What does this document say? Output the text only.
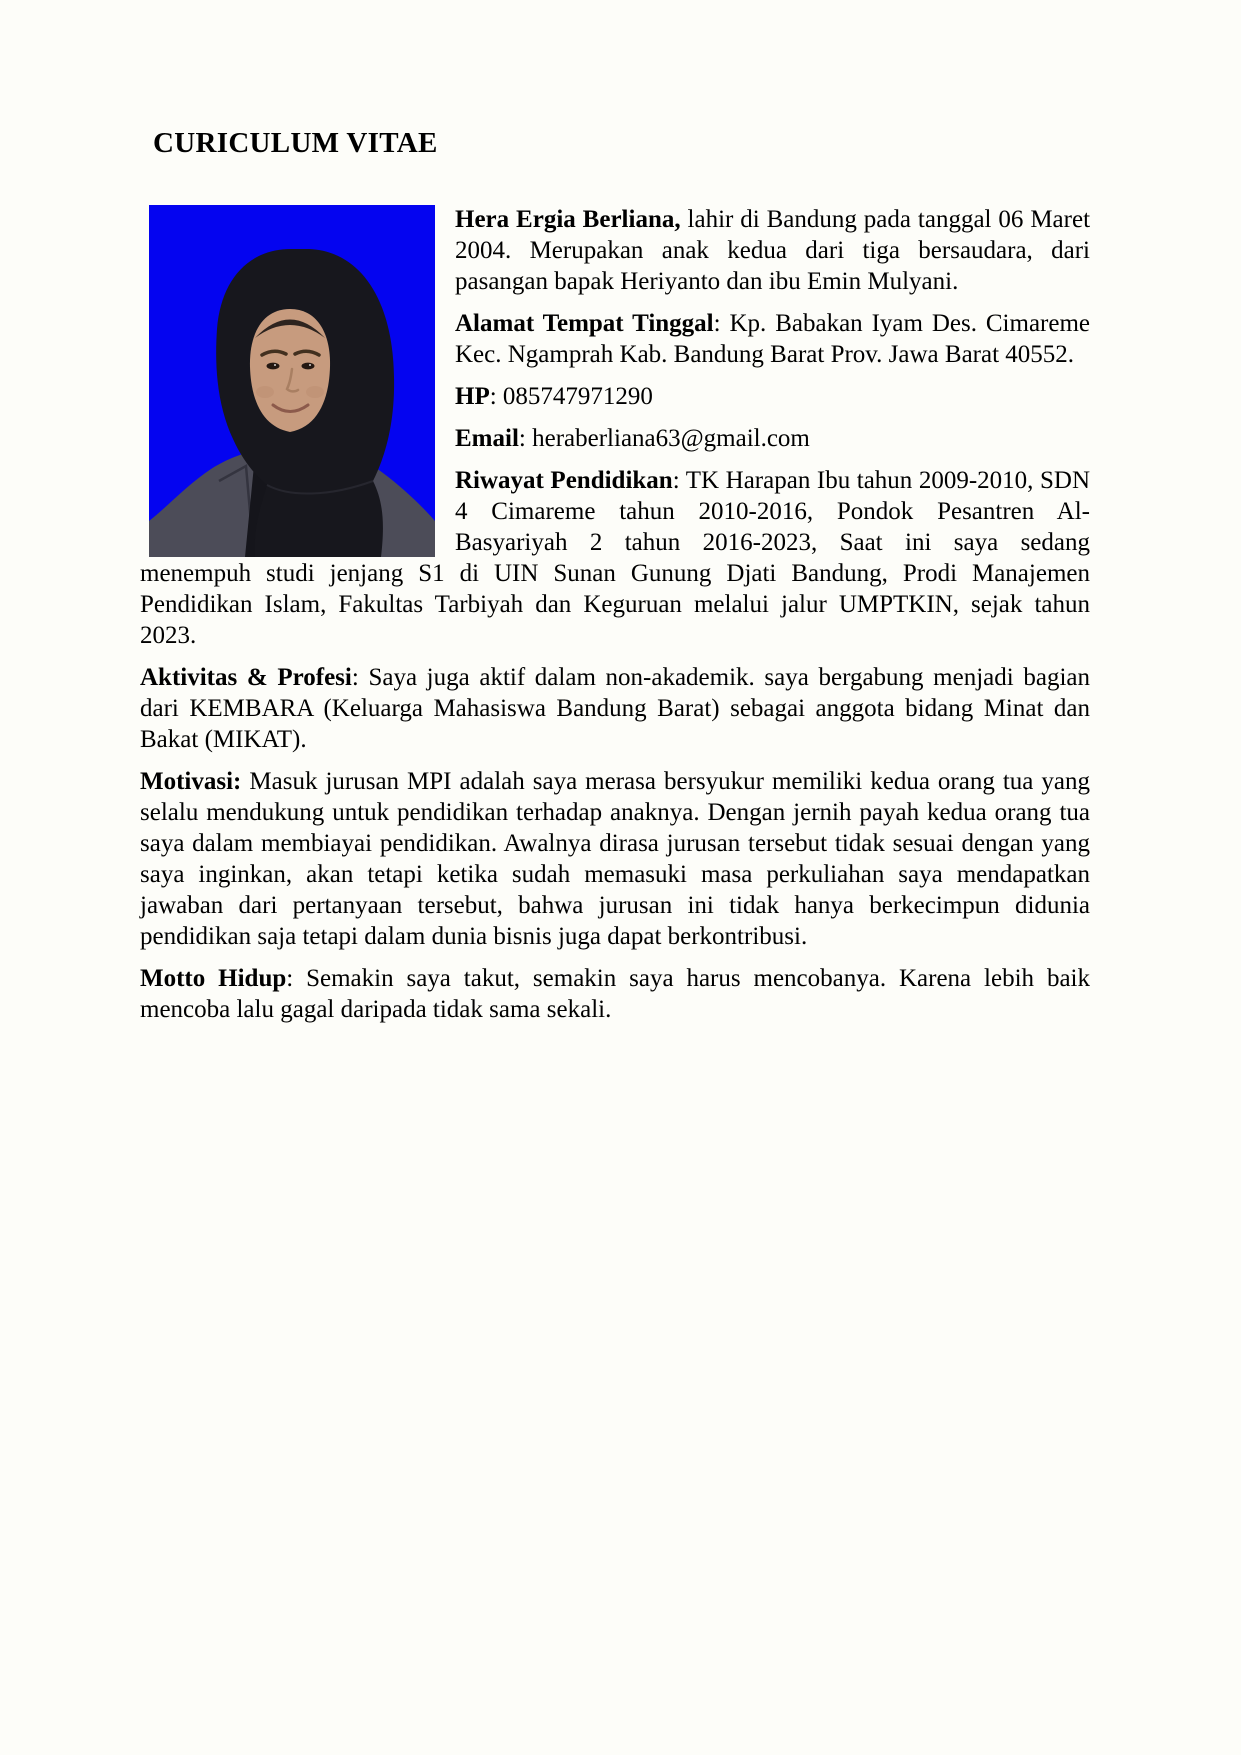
CURICULUM VITAE

Hera Ergia Berliana, lahir di Bandung pada tanggal 06 Maret 2004. Merupakan anak kedua dari tiga bersaudara, dari pasangan bapak Heriyanto dan ibu Emin Mulyani.

Alamat Tempat Tinggal: Kp. Babakan Iyam Des. Cimareme Kec. Ngamprah Kab. Bandung Barat Prov. Jawa Barat 40552.

HP: 085747971290

Email: heraberliana63@gmail.com

Riwayat Pendidikan: TK Harapan Ibu tahun 2009-2010, SDN 4 Cimareme tahun 2010-2016, Pondok Pesantren Al-Basyariyah 2 tahun 2016-2023, Saat ini saya sedang menempuh studi jenjang S1 di UIN Sunan Gunung Djati Bandung, Prodi Manajemen Pendidikan Islam, Fakultas Tarbiyah dan Keguruan melalui jalur UMPTKIN, sejak tahun 2023.

Aktivitas & Profesi: Saya juga aktif dalam non-akademik. saya bergabung menjadi bagian dari KEMBARA (Keluarga Mahasiswa Bandung Barat) sebagai anggota bidang Minat dan Bakat (MIKAT).

Motivasi: Masuk jurusan MPI adalah saya merasa bersyukur memiliki kedua orang tua yang selalu mendukung untuk pendidikan terhadap anaknya. Dengan jernih payah kedua orang tua saya dalam membiayai pendidikan. Awalnya dirasa jurusan tersebut tidak sesuai dengan yang saya inginkan, akan tetapi ketika sudah memasuki masa perkuliahan saya mendapatkan jawaban dari pertanyaan tersebut, bahwa jurusan ini tidak hanya berkecimpun didunia pendidikan saja tetapi dalam dunia bisnis juga dapat berkontribusi.

Motto Hidup: Semakin saya takut, semakin saya harus mencobanya. Karena lebih baik mencoba lalu gagal daripada tidak sama sekali.
